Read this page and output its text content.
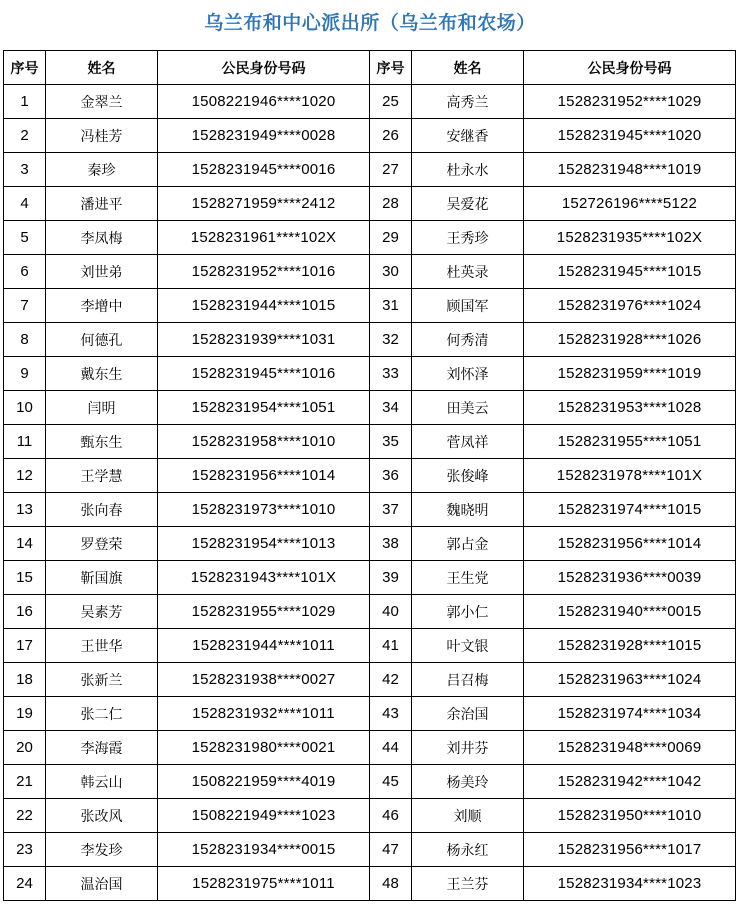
乌兰布和中心派出所（乌兰布和农场）
序号	姓名	公民身份号码	序号	姓名	公民身份号码
1	金翠兰	1508221946****1020	25	高秀兰	1528231952****1029
2	冯桂芳	1528231949****0028	26	安继香	1528231945****1020
3	秦珍	1528231945****0016	27	杜永水	1528231948****1019
4	潘进平	1528271959****2412	28	吴爱花	152726196****5122
5	李凤梅	1528231961****102X	29	王秀珍	1528231935****102X
6	刘世弟	1528231952****1016	30	杜英录	1528231945****1015
7	李增中	1528231944****1015	31	顾国军	1528231976****1024
8	何德孔	1528231939****1031	32	何秀清	1528231928****1026
9	戴东生	1528231945****1016	33	刘怀泽	1528231959****1019
10	闫明	1528231954****1051	34	田美云	1528231953****1028
11	甄东生	1528231958****1010	35	菅凤祥	1528231955****1051
12	王学慧	1528231956****1014	36	张俊峰	1528231978****101X
13	张向春	1528231973****1010	37	魏晓明	1528231974****1015
14	罗登荣	1528231954****1013	38	郭占金	1528231956****1014
15	靳国旗	1528231943****101X	39	王生党	1528231936****0039
16	吴素芳	1528231955****1029	40	郭小仁	1528231940****0015
17	王世华	1528231944****1011	41	叶文银	1528231928****1015
18	张新兰	1528231938****0027	42	吕召梅	1528231963****1024
19	张二仁	1528231932****1011	43	余治国	1528231974****1034
20	李海霞	1528231980****0021	44	刘井芬	1528231948****0069
21	韩云山	1508221959****4019	45	杨美玲	1528231942****1042
22	张改风	1508221949****1023	46	刘顺	1528231950****1010
23	李发珍	1528231934****0015	47	杨永红	1528231956****1017
24	温治国	1528231975****1011	48	王兰芬	1528231934****1023
